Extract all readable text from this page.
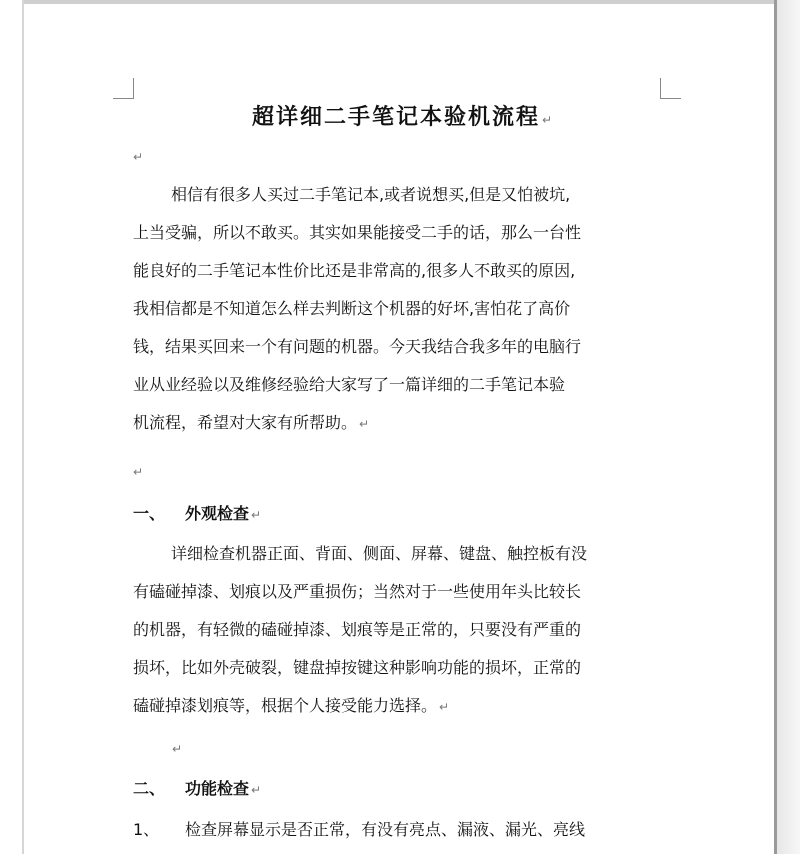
超详细二手笔记本验机流程 ↵
↵
相信有很多人买过二手笔记本,或者说想买,但是又怕被坑,
上当受骗，所以不敢买。其实如果能接受二手的话，那么一台性
能良好的二手笔记本性价比还是非常高的,很多人不敢买的原因,
我相信都是不知道怎么样去判断这个机器的好坏,害怕花了高价
钱，结果买回来一个有问题的机器。今天我结合我多年的电脑行
业从业经验以及维修经验给大家写了一篇详细的二手笔记本验
机流程，希望对大家有所帮助。 ↵
↵
一、 外观检查 ↵
详细检查机器正面、背面、侧面、屏幕、键盘、触控板有没
有磕碰掉漆、划痕以及严重损伤；当然对于一些使用年头比较长
的机器，有轻微的磕碰掉漆、划痕等是正常的，只要没有严重的
损坏，比如外壳破裂，键盘掉按键这种影响功能的损坏，正常的
磕碰掉漆划痕等，根据个人接受能力选择。 ↵
↵
二、 功能检查 ↵
1、 检查屏幕显示是否正常，有没有亮点、漏液、漏光、亮线
